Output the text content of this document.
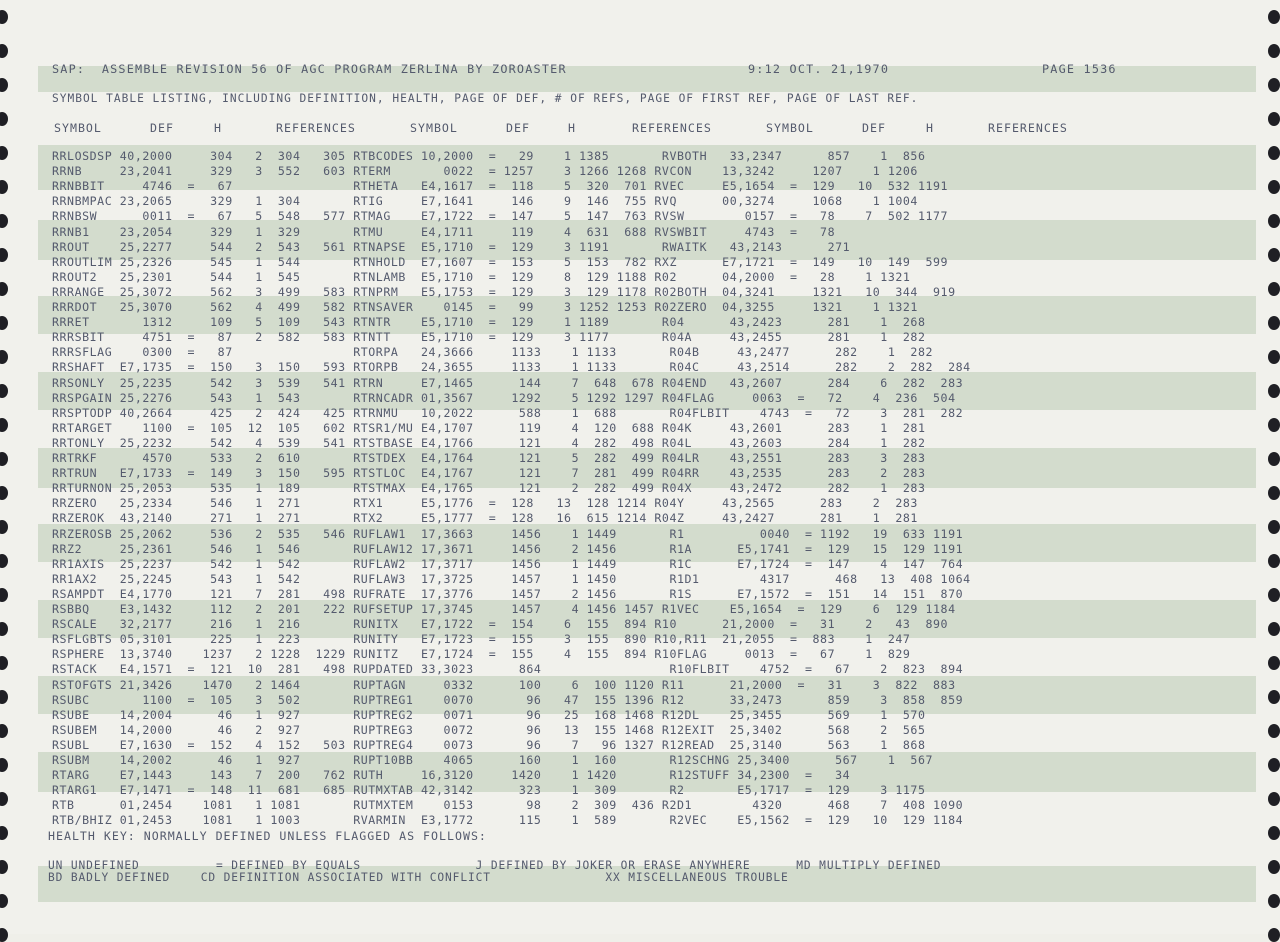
SAP:  ASSEMBLE REVISION 56 OF AGC PROGRAM ZERLINA BY ZOROASTER	9:12 OCT. 21,1970	PAGE 1536
SYMBOL TABLE LISTING, INCLUDING DEFINITION, HEALTH, PAGE OF DEF, # OF REFS, PAGE OF FIRST REF, PAGE OF LAST REF.
SYMBOL	DEF	H	REFERENCES	SYMBOL	DEF	H	REFERENCES	SYMBOL	DEF	H	REFERENCES
RRLOSDSP 40,2000     304   2  304   305 RTBCODES 10,2000  =   29    1 1385       RVBOTH   33,2347      857    1  856
RRNB     23,2041     329   3  552   603 RTERM       0022  = 1257    3 1266 1268 RVCON    13,3242     1207    1 1206
RRNBBIT     4746  =   67                RTHETA   E4,1617  =  118    5  320  701 RVEC     E5,1654  =  129   10  532 1191
RRNBMPAC 23,2065     329   1  304       RTIG     E7,1641     146    9  146  755 RVQ      00,3274     1068    1 1004
RRNBSW      0011  =   67   5  548   577 RTMAG    E7,1722  =  147    5  147  763 RVSW        0157  =   78    7  502 1177
RRNB1    23,2054     329   1  329       RTMU     E4,1711     119    4  631  688 RVSWBIT     4743  =   78
RROUT    25,2277     544   2  543   561 RTNAPSE  E5,1710  =  129    3 1191       RWAITK   43,2143      271
RROUTLIM 25,2326     545   1  544       RTNHOLD  E7,1607  =  153    5  153  782 RXZ      E7,1721  =  149   10  149  599
RROUT2   25,2301     544   1  545       RTNLAMB  E5,1710  =  129    8  129 1188 R02      04,2000  =   28    1 1321
RRRANGE  25,3072     562   3  499   583 RTNPRM   E5,1753  =  129    3  129 1178 R02BOTH  04,3241     1321   10  344  919
RRRDOT   25,3070     562   4  499   582 RTNSAVER    0145  =   99    3 1252 1253 R02ZERO  04,3255     1321    1 1321
RRRET       1312     109   5  109   543 RTNTR    E5,1710  =  129    1 1189       R04      43,2423      281    1  268
RRRSBIT     4751  =   87   2  582   583 RTNTT    E5,1710  =  129    3 1177       R04A     43,2455      281    1  282
RRRSFLAG    0300  =   87                RTORPA   24,3666     1133    1 1133       R04B     43,2477      282    1  282
RRSHAFT  E7,1735  =  150   3  150   593 RTORPB   24,3655     1133    1 1133       R04C     43,2514      282    2  282  284
RRSONLY  25,2235     542   3  539   541 RTRN     E7,1465      144    7  648  678 R04END   43,2607      284    6  282  283
RRSPGAIN 25,2276     543   1  543       RTRNCADR 01,3567     1292    5 1292 1297 R04FLAG     0063  =   72    4  236  504
RRSPTODP 40,2664     425   2  424   425 RTRNMU   10,2022      588    1  688       R04FLBIT    4743  =   72    3  281  282
RRTARGET    1100  =  105  12  105   602 RTSR1/MU E4,1707      119    4  120  688 R04K     43,2601      283    1  281
RRTONLY  25,2232     542   4  539   541 RTSTBASE E4,1766      121    4  282  498 R04L     43,2603      284    1  282
RRTRKF      4570     533   2  610       RTSTDEX  E4,1764      121    5  282  499 R04LR    43,2551      283    3  283
RRTRUN   E7,1733  =  149   3  150   595 RTSTLOC  E4,1767      121    7  281  499 R04RR    43,2535      283    2  283
RRTURNON 25,2053     535   1  189       RTSTMAX  E4,1765      121    2  282  499 R04X     43,2472      282    1  283
RRZERO   25,2334     546   1  271       RTX1     E5,1776  =  128   13  128 1214 R04Y     43,2565      283    2  283
RRZEROK  43,2140     271   1  271       RTX2     E5,1777  =  128   16  615 1214 R04Z     43,2427      281    1  281
RRZEROSB 25,2062     536   2  535   546 RUFLAW1  17,3663     1456    1 1449       R1          0040  = 1192   19  633 1191
RRZ2     25,2361     546   1  546       RUFLAW12 17,3671     1456    2 1456       R1A      E5,1741  =  129   15  129 1191
RR1AXIS  25,2237     542   1  542       RUFLAW2  17,3717     1456    1 1449       R1C      E7,1724  =  147    4  147  764
RR1AX2   25,2245     543   1  542       RUFLAW3  17,3725     1457    1 1450       R1D1        4317      468   13  408 1064
RSAMPDT  E4,1770     121   7  281   498 RUFRATE  17,3776     1457    2 1456       R1S      E7,1572  =  151   14  151  870
RSBBQ    E3,1432     112   2  201   222 RUFSETUP 17,3745     1457    4 1456 1457 R1VEC    E5,1654  =  129    6  129 1184
RSCALE   32,2177     216   1  216       RUNITX   E7,1722  =  154    6  155  894 R10      21,2000  =   31    2   43  890
RSFLGBTS 05,3101     225   1  223       RUNITY   E7,1723  =  155    3  155  890 R10,R11  21,2055  =  883    1  247
RSPHERE  13,3740    1237   2 1228  1229 RUNITZ   E7,1724  =  155    4  155  894 R10FLAG     0013  =   67    1  829
RSTACK   E4,1571  =  121  10  281   498 RUPDATED 33,3023      864                 R10FLBIT    4752  =   67    2  823  894
RSTOFGTS 21,3426    1470   2 1464       RUPTAGN     0332      100    6  100 1120 R11      21,2000  =   31    3  822  883
RSUBC       1100  =  105   3  502       RUPTREG1    0070       96   47  155 1396 R12      33,2473      859    3  858  859
RSUBE    14,2004      46   1  927       RUPTREG2    0071       96   25  168 1468 R12DL    25,3455      569    1  570
RSUBEM   14,2000      46   2  927       RUPTREG3    0072       96   13  155 1468 R12EXIT  25,3402      568    2  565
RSUBL    E7,1630  =  152   4  152   503 RUPTREG4    0073       96    7   96 1327 R12READ  25,3140      563    1  868
RSUBM    14,2002      46   1  927       RUPT10BB    4065      160    1  160       R12SCHNG 25,3400      567    1  567
RTARG    E7,1443     143   7  200   762 RUTH     16,3120     1420    1 1420       R12STUFF 34,2300  =   34
RTARG1   E7,1471  =  148  11  681   685 RUTMXTAB 42,3142      323    1  309       R2       E5,1717  =  129    3 1175
RTB      01,2454    1081   1 1081       RUTMXTEM    0153       98    2  309  436 R2D1        4320      468    7  408 1090
RTB/BHIZ 01,2453    1081   1 1003       RVARMIN  E3,1772      115    1  589       R2VEC    E5,1562  =  129   10  129 1184
HEALTH KEY: NORMALLY DEFINED UNLESS FLAGGED AS FOLLOWS:
UN UNDEFINED          = DEFINED BY EQUALS               J DEFINED BY JOKER OR ERASE ANYWHERE      MD MULTIPLY DEFINED
BD BADLY DEFINED    CD DEFINITION ASSOCIATED WITH CONFLICT               XX MISCELLANEOUS TROUBLE
